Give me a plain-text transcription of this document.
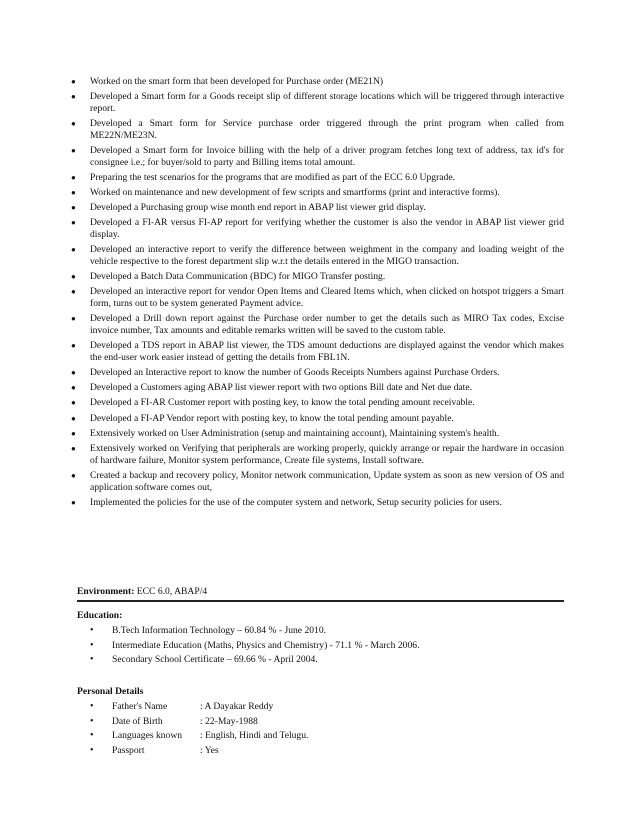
● Worked on the smart form that been developed for Purchase order (ME21N)
● Developed a Smart form for a Goods receipt slip of different storage locations which will be triggered through interactive report.
● Developed a Smart form for Service purchase order triggered through the print program when called from ME22N/ME23N.
● Developed a Smart form for Invoice billing with the help of a driver program fetches long text of address, tax id's for consignee i.e.; for buyer/sold to party and Billing items total amount.
● Preparing the test scenarios for the programs that are modified as part of the ECC 6.0 Upgrade.
● Worked on maintenance and new development of few scripts and smartforms (print and interactive forms).
● Developed a Purchasing group wise month end report in ABAP list viewer grid display.
● Developed a FI-AR versus FI-AP report for verifying whether the customer is also the vendor in ABAP list viewer grid display.
● Developed an interactive report to verify the difference between weighment in the company and loading weight of the vehicle respective to the forest department slip w.r.t the details entered in the MIGO transaction.
● Developed a Batch Data Communication (BDC) for MIGO Transfer posting.
● Developed an interactive report for vendor Open Items and Cleared Items which, when clicked on hotspot triggers a Smart form, turns out to be system generated Payment advice.
● Developed a Drill down report against the Purchase order number to get the details such as MIRO Tax codes, Excise invoice number, Tax amounts and editable remarks written will be saved to the custom table.
● Developed a TDS report in ABAP list viewer, the TDS amount deductions are displayed against the vendor which makes the end-user work easier instead of getting the details from FBL1N.
● Developed an Interactive report to know the number of Goods Receipts Numbers against Purchase Orders.
● Developed a Customers aging ABAP list viewer report with two options Bill date and Net due date.
● Developed a FI-AR Customer report with posting key, to know the total pending amount receivable.
● Developed a FI-AP Vendor report with posting key, to know the total pending amount payable.
● Extensively worked on User Administration (setup and maintaining account), Maintaining system's health.
● Extensively worked on Verifying that peripherals are working properly, quickly arrange or repair the hardware in occasion of hardware failure, Monitor system performance, Create file systems, Install software.
● Created a backup and recovery policy, Monitor network communication, Update system as soon as new version of OS and application software comes out,
● Implemented the policies for the use of the computer system and network, Setup security policies for users.
Environment: ECC 6.0, ABAP/4
Education:
• B.Tech Information Technology – 60.84 % - June 2010.
• Intermediate Education (Maths, Physics and Chemistry) - 71.1 % - March 2006.
• Secondary School Certificate – 69.66 % - April 2004.
Personal Details
• Father's Name	: A Dayakar Reddy
• Date of Birth	: 22-May-1988
• Languages known : English, Hindi and Telugu.
• Passport	: Yes
